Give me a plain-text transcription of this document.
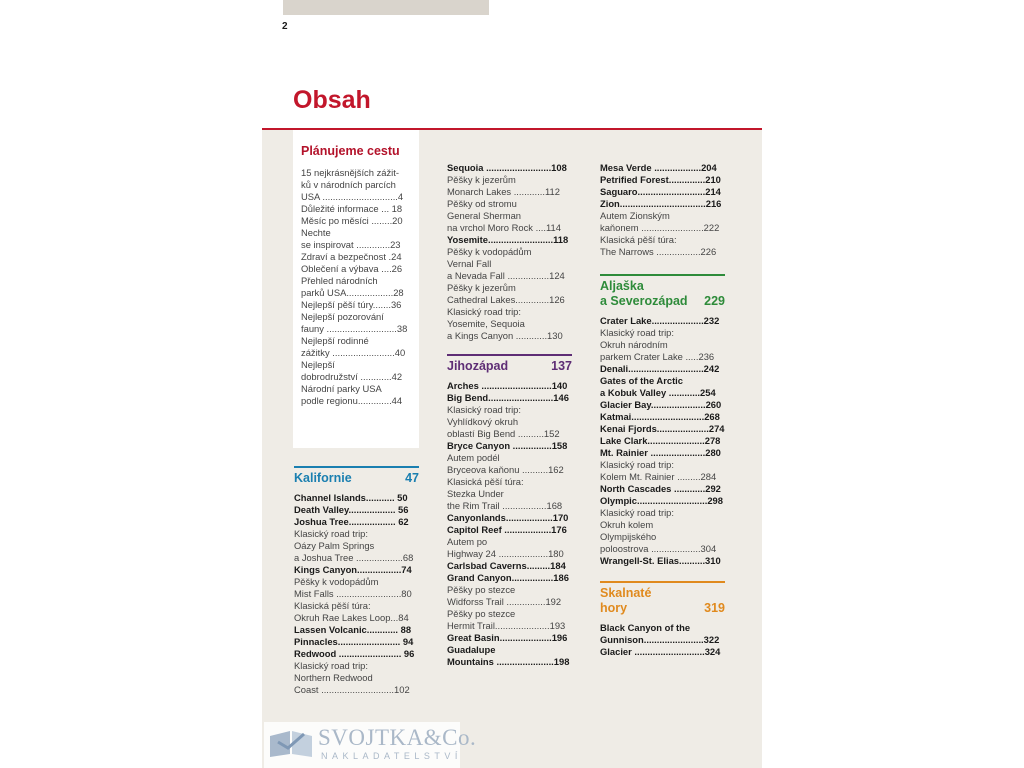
2
Obsah
Plánujeme cestu
15 nejkrásnějších zážit-
ků v národních parcích
USA .............................4
Důležité informace ... 18
Měsíc po měsíci ........20
Nechte
se inspirovat .............23
Zdraví a bezpečnost .24
Oblečení a výbava ....26
Přehled národních
parků USA..................28
Nejlepší pěší túry.......36
Nejlepší pozorování
fauny ...........................38
Nejlepší rodinné
zážitky ........................40
Nejlepší
dobrodružství ............42
Národní parky USA
podle regionu.............44
Kalifornie	47
Channel Islands........... 50
Death Valley.................. 56
Joshua Tree.................. 62
Klasický road trip:
Oázy Palm Springs
a Joshua Tree ..................68
Kings Canyon.................74
Pěšky k vodopádům
Mist Falls .........................80
Klasická pěší túra:
Okruh Rae Lakes Loop...84
Lassen Volcanic............ 88
Pinnacles........................ 94
Redwood ........................ 96
Klasický road trip:
Northern Redwood
Coast ............................102
Sequoia .........................108
Pěšky k jezerům
Monarch Lakes ............112
Pěšky od stromu
General Sherman
na vrchol Moro Rock ....114
Yosemite.........................118
Pěšky k vodopádům
Vernal Fall
a Nevada Fall ................124
Pěšky k jezerům
Cathedral Lakes.............126
Klasický road trip:
Yosemite, Sequoia
a Kings Canyon ............130
Jihozápad	137
Arches ...........................140
Big Bend.........................146
Klasický road trip:
Vyhlídkový okruh
oblastí Big Bend ..........152
Bryce Canyon ...............158
Autem podél
Bryceova kaňonu ..........162
Klasická pěší túra:
Stezka Under
the Rim Trail .................168
Canyonlands..................170
Capitol Reef ..................176
Autem po
Highway 24 ...................180
Carlsbad Caverns.........184
Grand Canyon................186
Pěšky po stezce
Widforss Trail ...............192
Pěšky po stezce
Hermit Trail.....................193
Great Basin....................196
Guadalupe
Mountains ......................198
Mesa Verde ..................204
Petrified Forest..............210
Saguaro..........................214
Zion.................................216
Autem Zionským
kaňonem ........................222
Klasická pěší túra:
The Narrows .................226
Aljaška
a Severozápad 229
Crater Lake....................232
Klasický road trip:
Okruh národním
parkem Crater Lake .....236
Denali.............................242
Gates of the Arctic
a Kobuk Valley ............254
Glacier Bay.....................260
Katmai............................268
Kenai Fjords....................274
Lake Clark......................278
Mt. Rainier .....................280
Klasický road trip:
Kolem Mt. Rainier .........284
North Cascades ............292
Olympic...........................298
Klasický road trip:
Okruh kolem
Olympijského
poloostrova ...................304
Wrangell-St. Elias..........310
Skalnaté
hory	319
Black Canyon of the
Gunnison.......................322
Glacier ...........................324
SVOJTKA&Co.
NAKLADATELSTVÍ
